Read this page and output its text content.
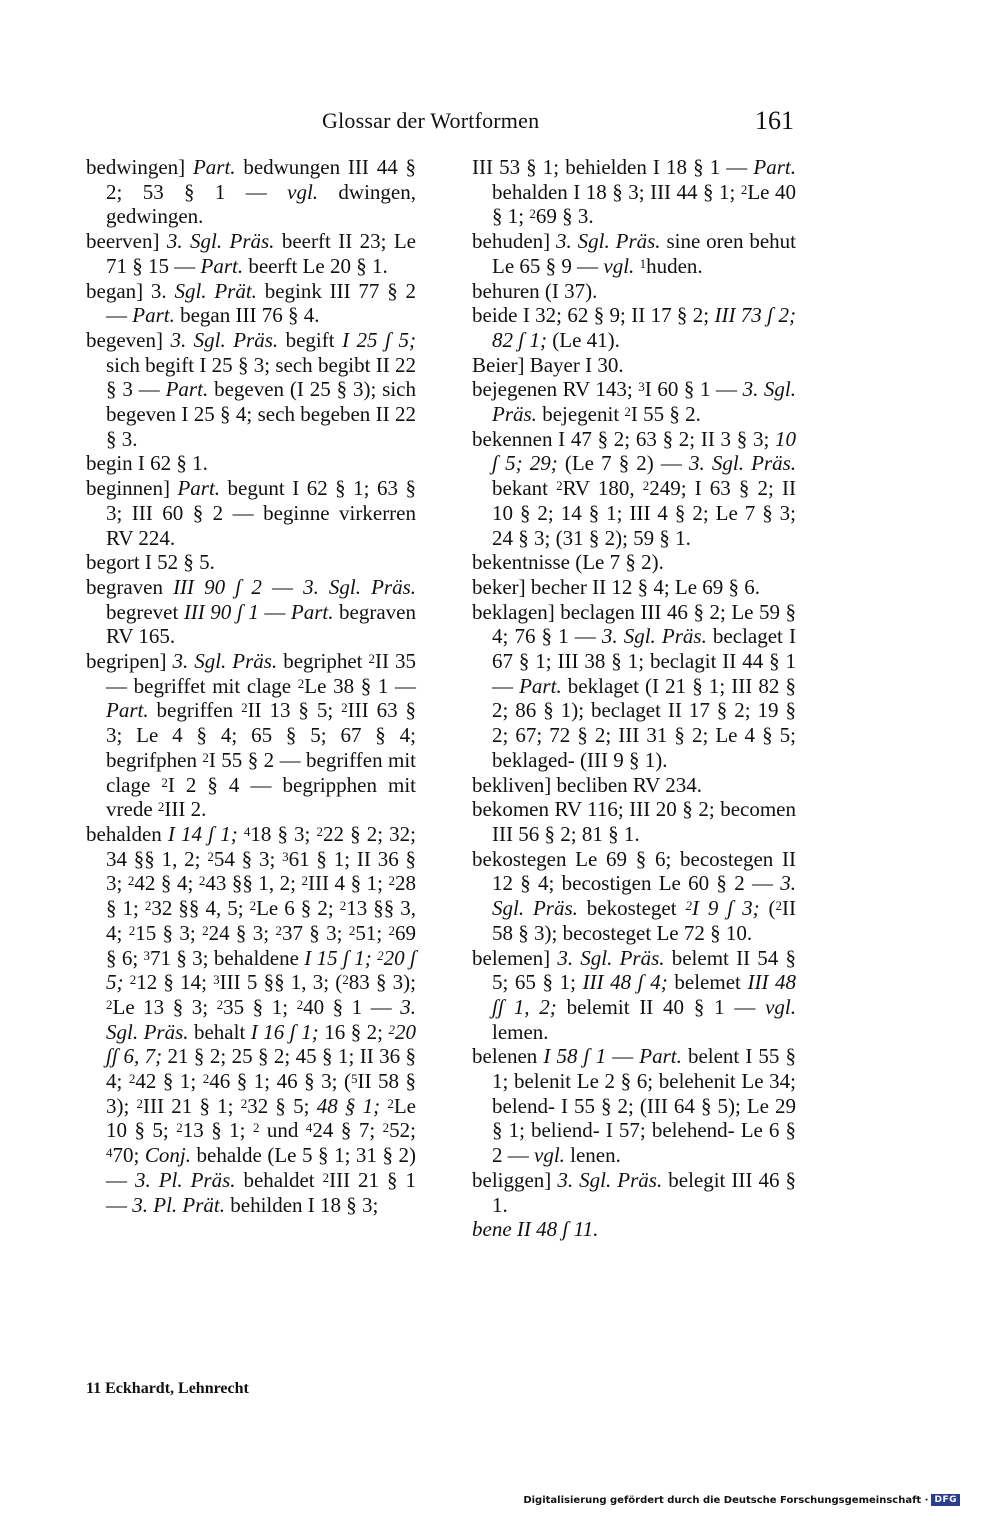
Glossar der Wortformen	161

bedwingen] Part. bedwungen III 44 § 2; 53 § 1 — vgl. dwingen, gedwingen.

beerven] 3. Sgl. Präs. beerft II 23; Le 71 § 15 — Part. beerft Le 20 § 1.

began] 3. Sgl. Prät. begink III 77 § 2 — Part. began III 76 § 4.

begeven] 3. Sgl. Präs. begift I 25 ʃ 5; sich begift I 25 § 3; sech begibt II 22 § 3 — Part. begeven (I 25 § 3); sich begeven I 25 § 4; sech begeben II 22 § 3.

begin I 62 § 1.

beginnen] Part. begunt I 62 § 1; 63 § 3; III 60 § 2 — beginne virkerren RV 224.

begort I 52 § 5.

begraven III 90 ʃ 2 — 3. Sgl. Präs. begrevet III 90 ʃ 1 — Part. begraven RV 165.

begripen] 3. Sgl. Präs. begriphet $^2$II 35 — begriffet mit clage $^2$Le 38 § 1 — Part. begriffen $^2$II 13 § 5; $^2$III 63 § 3; Le 4 § 4; 65 § 5; 67 § 4; begrifphen $^2$I 55 § 2 — begriffen mit clage $^2$I 2 § 4 — begripphen mit vrede $^2$III 2.

behalden I 14 ʃ 1; $^4$18 § 3; $^2$22 § 2; 32; 34 §§ 1, 2; $^2$54 § 3; $^3$61 § 1; II 36 § 3; $^2$42 § 4; $^2$43 §§ 1, 2; $^2$III 4 § 1; $^2$28 § 1; $^2$32 §§ 4, 5; $^2$Le 6 § 2; $^2$13 §§ 3, 4; $^2$15 § 3; $^2$24 § 3; $^2$37 § 3; $^2$51; $^2$69 § 6; $^3$71 § 3; behaldene I 15 ʃ 1; $^2$20 ʃ 5; $^2$12 § 14; $^3$III 5 §§ 1, 3; ($^2$83 § 3); $^2$Le 13 § 3; $^2$35 § 1; $^2$40 § 1 — 3. Sgl. Präs. behalt I 16 ʃ 1; 16 § 2; $^2$20 ʃʃ 6, 7; 21 § 2; 25 § 2; 45 § 1; II 36 § 4; $^2$42 § 1; $^2$46 § 1; 46 § 3; ($^5$II 58 § 3); $^2$III 21 § 1; $^2$32 § 5; 48 § 1; $^2$Le 10 § 5; $^2$13 § 1; $^2$ und $^4$24 § 7; $^2$52; $^4$70; Conj. behalde (Le 5 § 1; 31 § 2) — 3. Pl. Präs. behaldet $^2$III 21 § 1 — 3. Pl. Prät. behilden I 18 § 3;

III 53 § 1; behielden I 18 § 1 — Part. behalden I 18 § 3; III 44 § 1; $^2$Le 40 § 1; $^2$69 § 3.

behuden] 3. Sgl. Präs. sine oren behut Le 65 § 9 — vgl. $^1$huden.

behuren (I 37).

beide I 32; 62 § 9; II 17 § 2; III 73 ʃ 2; 82 ʃ 1; (Le 41).

Beier] Bayer I 30.

bejegenen RV 143; $^3$I 60 § 1 — 3. Sgl. Präs. bejegenit $^2$I 55 § 2.

bekennen I 47 § 2; 63 § 2; II 3 § 3; 10 ʃ 5; 29; (Le 7 § 2) — 3. Sgl. Präs. bekant $^2$RV 180, $^2$249; I 63 § 2; II 10 § 2; 14 § 1; III 4 § 2; Le 7 § 3; 24 § 3; (31 § 2); 59 § 1.

bekentnisse (Le 7 § 2).

beker] becher II 12 § 4; Le 69 § 6.

beklagen] beclagen III 46 § 2; Le 59 § 4; 76 § 1 — 3. Sgl. Präs. beclaget I 67 § 1; III 38 § 1; beclagit II 44 § 1 — Part. beklaget (I 21 § 1; III 82 § 2; 86 § 1); beclaget II 17 § 2; 19 § 2; 67; 72 § 2; III 31 § 2; Le 4 § 5; beklaged- (III 9 § 1).

bekliven] becliben RV 234.

bekomen RV 116; III 20 § 2; becomen III 56 § 2; 81 § 1.

bekostegen Le 69 § 6; becostegen II 12 § 4; becostigen Le 60 § 2 — 3. Sgl. Präs. bekosteget $^2$I 9 ʃ 3; ($^2$II 58 § 3); becosteget Le 72 § 10.

belemen] 3. Sgl. Präs. belemt II 54 § 5; 65 § 1; III 48 ʃ 4; belemet III 48 ʃʃ 1, 2; belemit II 40 § 1 — vgl. lemen.

belenen I 58 ʃ 1 — Part. belent I 55 § 1; belenit Le 2 § 6; belehenit Le 34; belend- I 55 § 2; (III 64 § 5); Le 29 § 1; beliend- I 57; belehend- Le 6 § 2 — vgl. lenen.

beliggen] 3. Sgl. Präs. belegit III 46 § 1.

bene II 48 ʃ 11.

11 Eckhardt, Lehnrecht
Digitalisierung gefördert durch die Deutsche Forschungsgemeinschaft · DFG
